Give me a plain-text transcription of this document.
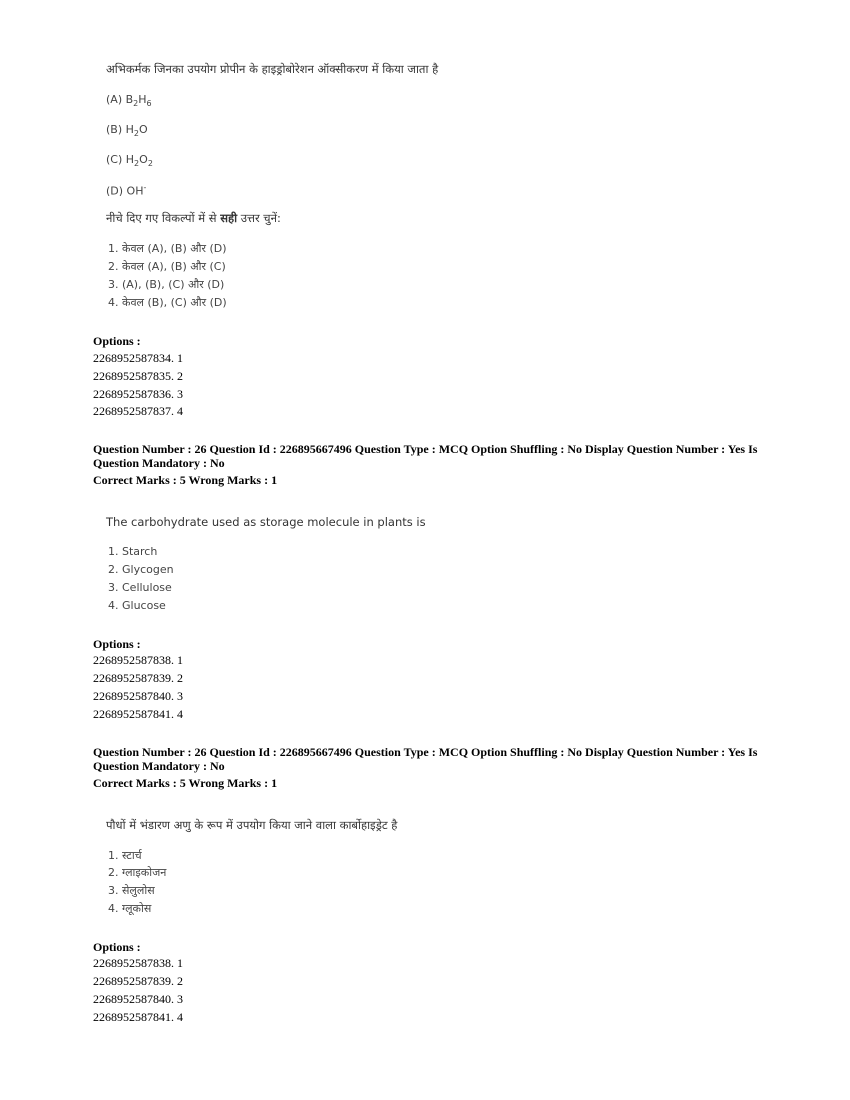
अभिकर्मक जिनका उपयोग प्रोपीन के हाइड्रोबोरेशन ऑक्सीकरण में किया जाता है
(A) $B_2H_6$
(B) $H_2O$
(C) $H_2O_2$
(D) OH-
नीचे दिए गए विकल्पों में से सही उत्तर चुनें:
1. केवल (A), (B) और (D)
2. केवल (A), (B) और (C)
3. (A), (B), (C) और (D)
4. केवल (B), (C) और (D)
Options :
2268952587834. 1
2268952587835. 2
2268952587836. 3
2268952587837. 4
Question Number : 26 Question Id : 226895667496 Question Type : MCQ Option Shuffling : No Display Question Number : Yes Is
Question Mandatory : No
Correct Marks : 5 Wrong Marks : 1
The carbohydrate used as storage molecule in plants is
1. Starch
2. Glycogen
3. Cellulose
4. Glucose
Options :
2268952587838. 1
2268952587839. 2
2268952587840. 3
2268952587841. 4
Question Number : 26 Question Id : 226895667496 Question Type : MCQ Option Shuffling : No Display Question Number : Yes Is
Question Mandatory : No
Correct Marks : 5 Wrong Marks : 1
पौधों में भंडारण अणु के रूप में उपयोग किया जाने वाला कार्बोहाइड्रेट है
1. स्टार्च
2. ग्लाइकोजन
3. सेलुलोस
4. ग्लूकोस
Options :
2268952587838. 1
2268952587839. 2
2268952587840. 3
2268952587841. 4
